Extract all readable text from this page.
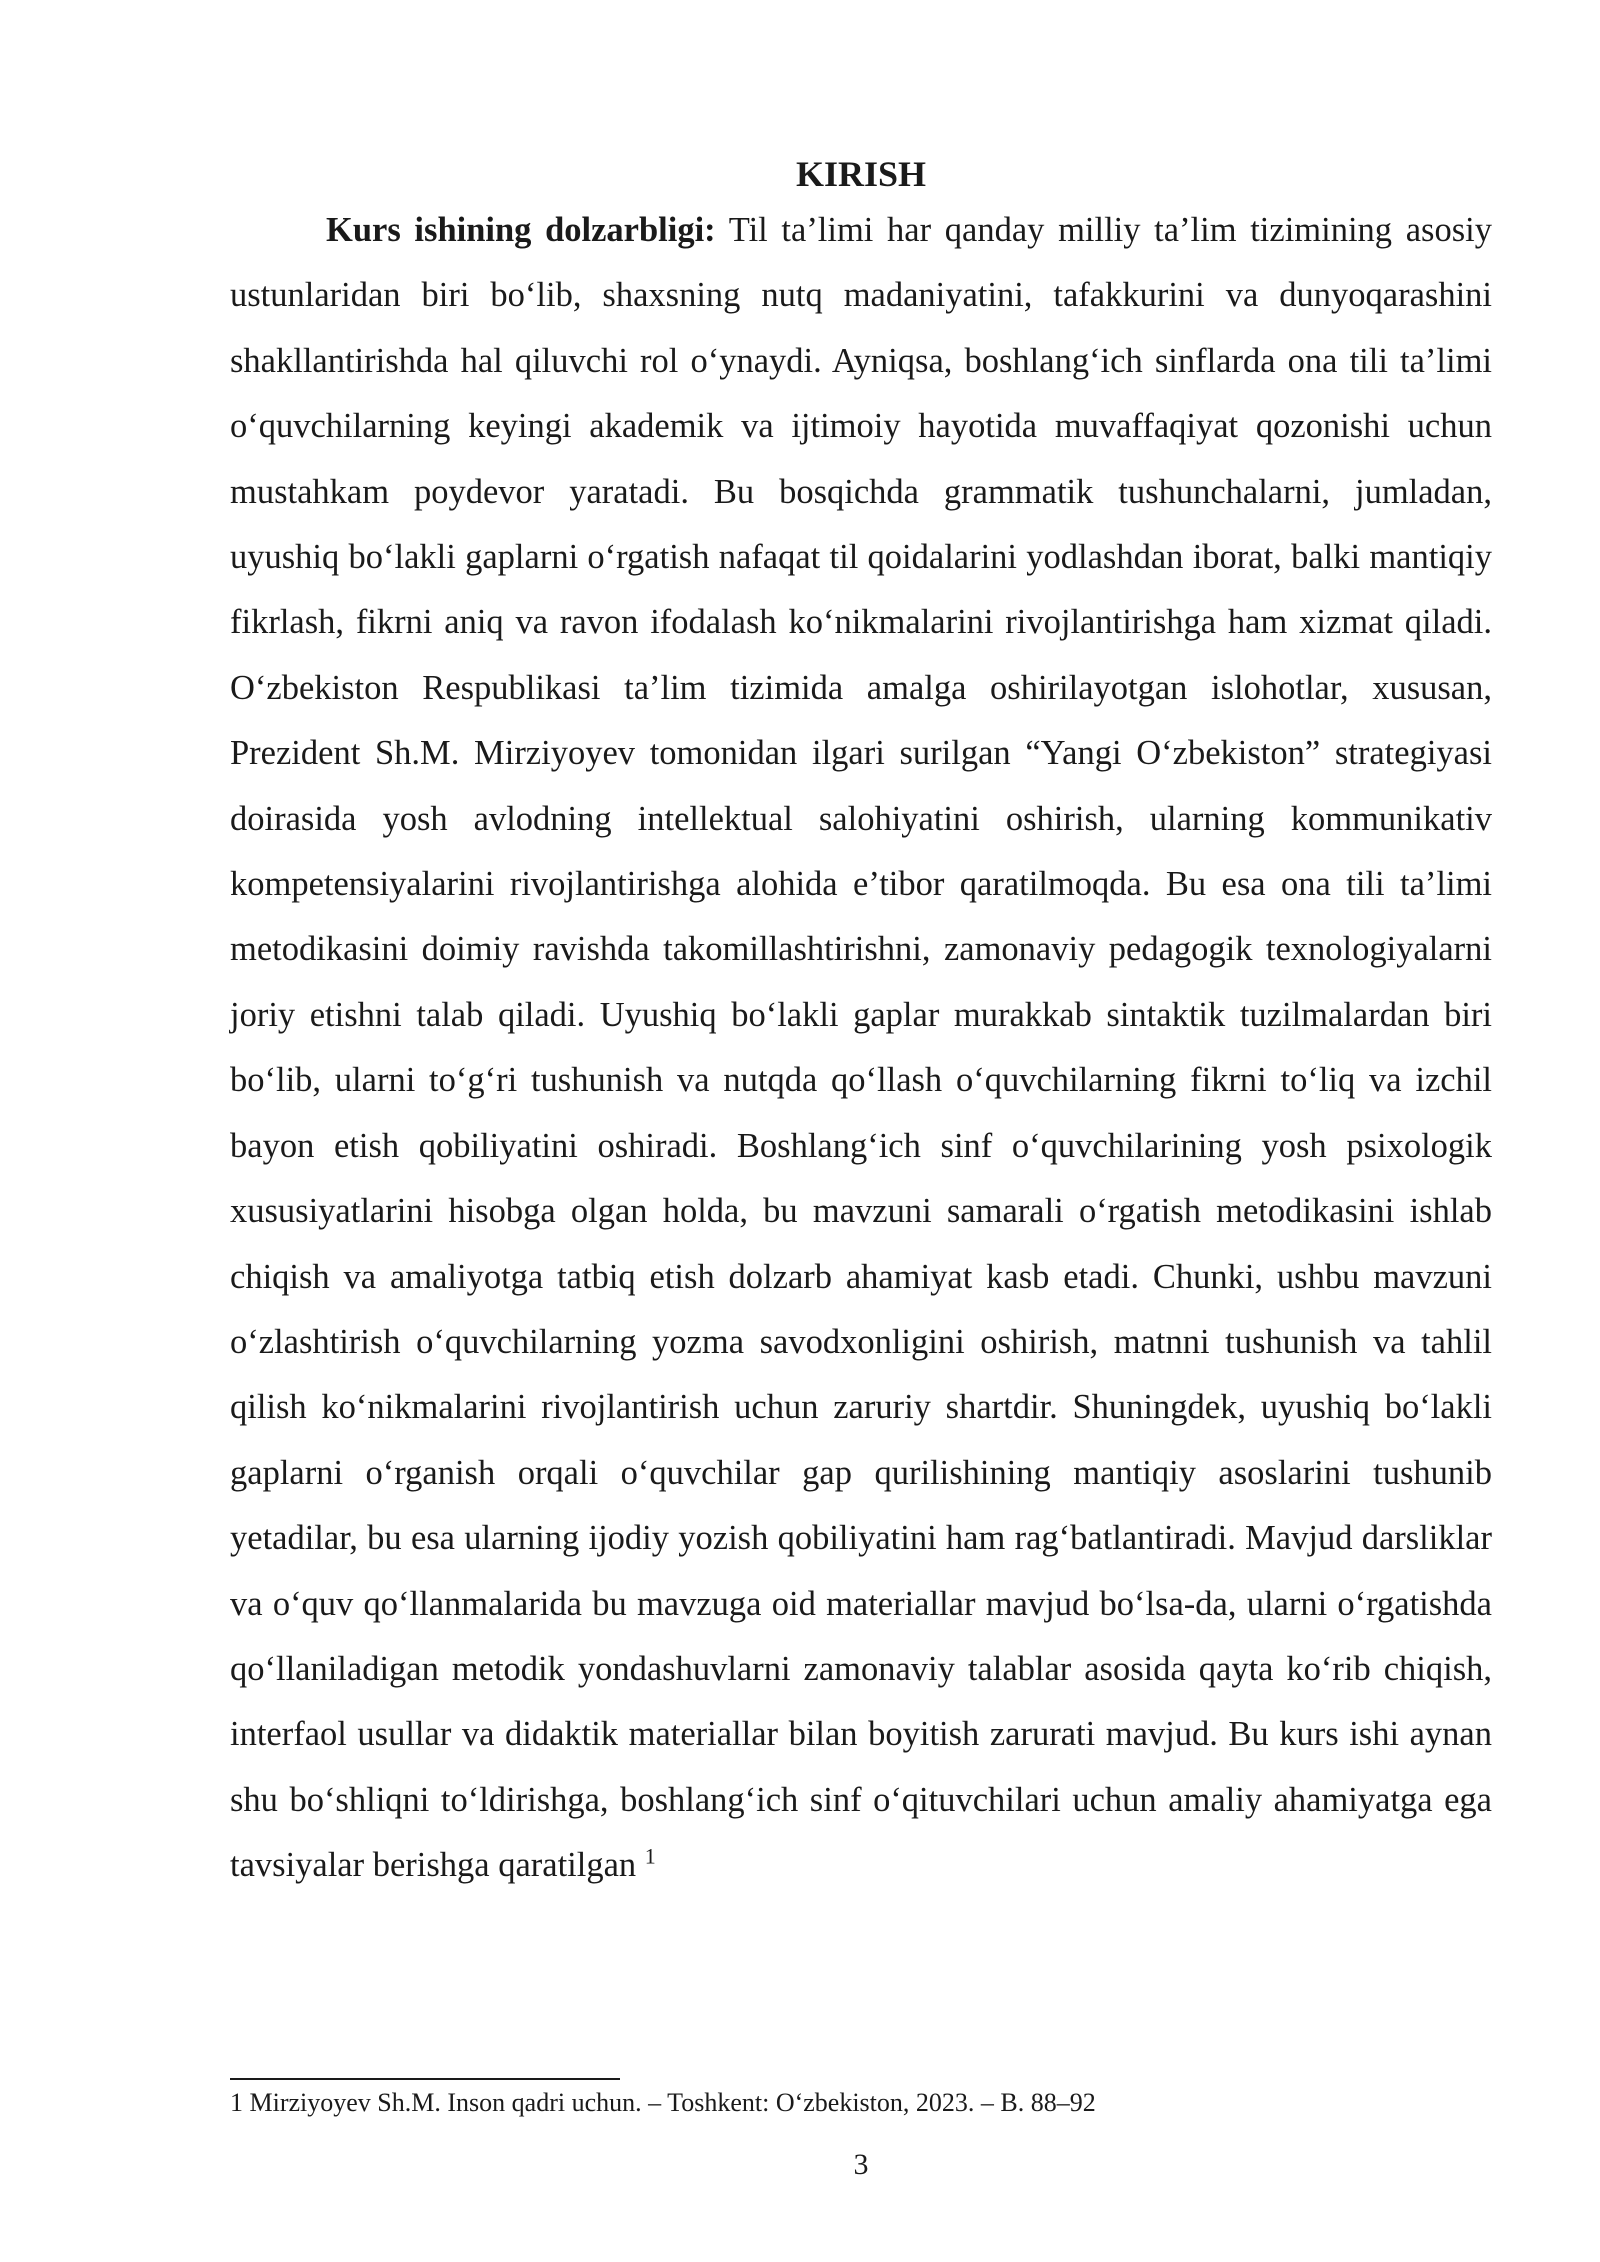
KIRISH

Kurs ishining dolzarbligi: Til ta’limi har qanday milliy ta’lim tizimining asosiy ustunlaridan biri bo‘lib, shaxsning nutq madaniyatini, tafakkurini va dunyoqarashini shakllantirishda hal qiluvchi rol o‘ynaydi. Ayniqsa, boshlang‘ich sinflarda ona tili ta’limi o‘quvchilarning keyingi akademik va ijtimoiy hayotida muvaffaqiyat qozonishi uchun mustahkam poydevor yaratadi. Bu bosqichda grammatik tushunchalarni, jumladan, uyushiq bo‘lakli gaplarni o‘rgatish nafaqat til qoidalarini yodlashdan iborat, balki mantiqiy fikrlash, fikrni aniq va ravon ifodalash ko‘nikmalarini rivojlantirishga ham xizmat qiladi. O‘zbekiston Respublikasi ta’lim tizimida amalga oshirilayotgan islohotlar, xususan, Prezident Sh.M. Mirziyoyev tomonidan ilgari surilgan “Yangi O‘zbekiston” strategiyasi doirasida yosh avlodning intellektual salohiyatini oshirish, ularning kommunikativ kompetensiyalarini rivojlantirishga alohida e’tibor qaratilmoqda. Bu esa ona tili ta’limi metodikasini doimiy ravishda takomillashtirishni, zamonaviy pedagogik texnologiyalarni joriy etishni talab qiladi. Uyushiq bo‘lakli gaplar murakkab sintaktik tuzilmalardan biri bo‘lib, ularni to‘g‘ri tushunish va nutqda qo‘llash o‘quvchilarning fikrni to‘liq va izchil bayon etish qobiliyatini oshiradi. Boshlang‘ich sinf o‘quvchilarining yosh psixologik xususiyatlarini hisobga olgan holda, bu mavzuni samarali o‘rgatish metodikasini ishlab chiqish va amaliyotga tatbiq etish dolzarb ahamiyat kasb etadi. Chunki, ushbu mavzuni o‘zlashtirish o‘quvchilarning yozma savodxonligini oshirish, matnni tushunish va tahlil qilish ko‘nikmalarini rivojlantirish uchun zaruriy shartdir. Shuningdek, uyushiq bo‘lakli gaplarni o‘rganish orqali o‘quvchilar gap qurilishining mantiqiy asoslarini tushunib yetadilar, bu esa ularning ijodiy yozish qobiliyatini ham rag‘batlantiradi. Mavjud darsliklar va o‘quv qo‘llanmalarida bu mavzuga oid materiallar mavjud bo‘lsa-da, ularni o‘rgatishda qo‘llaniladigan metodik yondashuvlarni zamonaviy talablar asosida qayta ko‘rib chiqish, interfaol usullar va didaktik materiallar bilan boyitish zarurati mavjud. Bu kurs ishi aynan shu bo‘shliqni to‘ldirishga, boshlang‘ich sinf o‘qituvchilari uchun amaliy ahamiyatga ega tavsiyalar berishga qaratilgan $^1$

1 Mirziyoyev Sh.M. Inson qadri uchun. – Toshkent: O‘zbekiston, 2023. – B. 88–92

3
